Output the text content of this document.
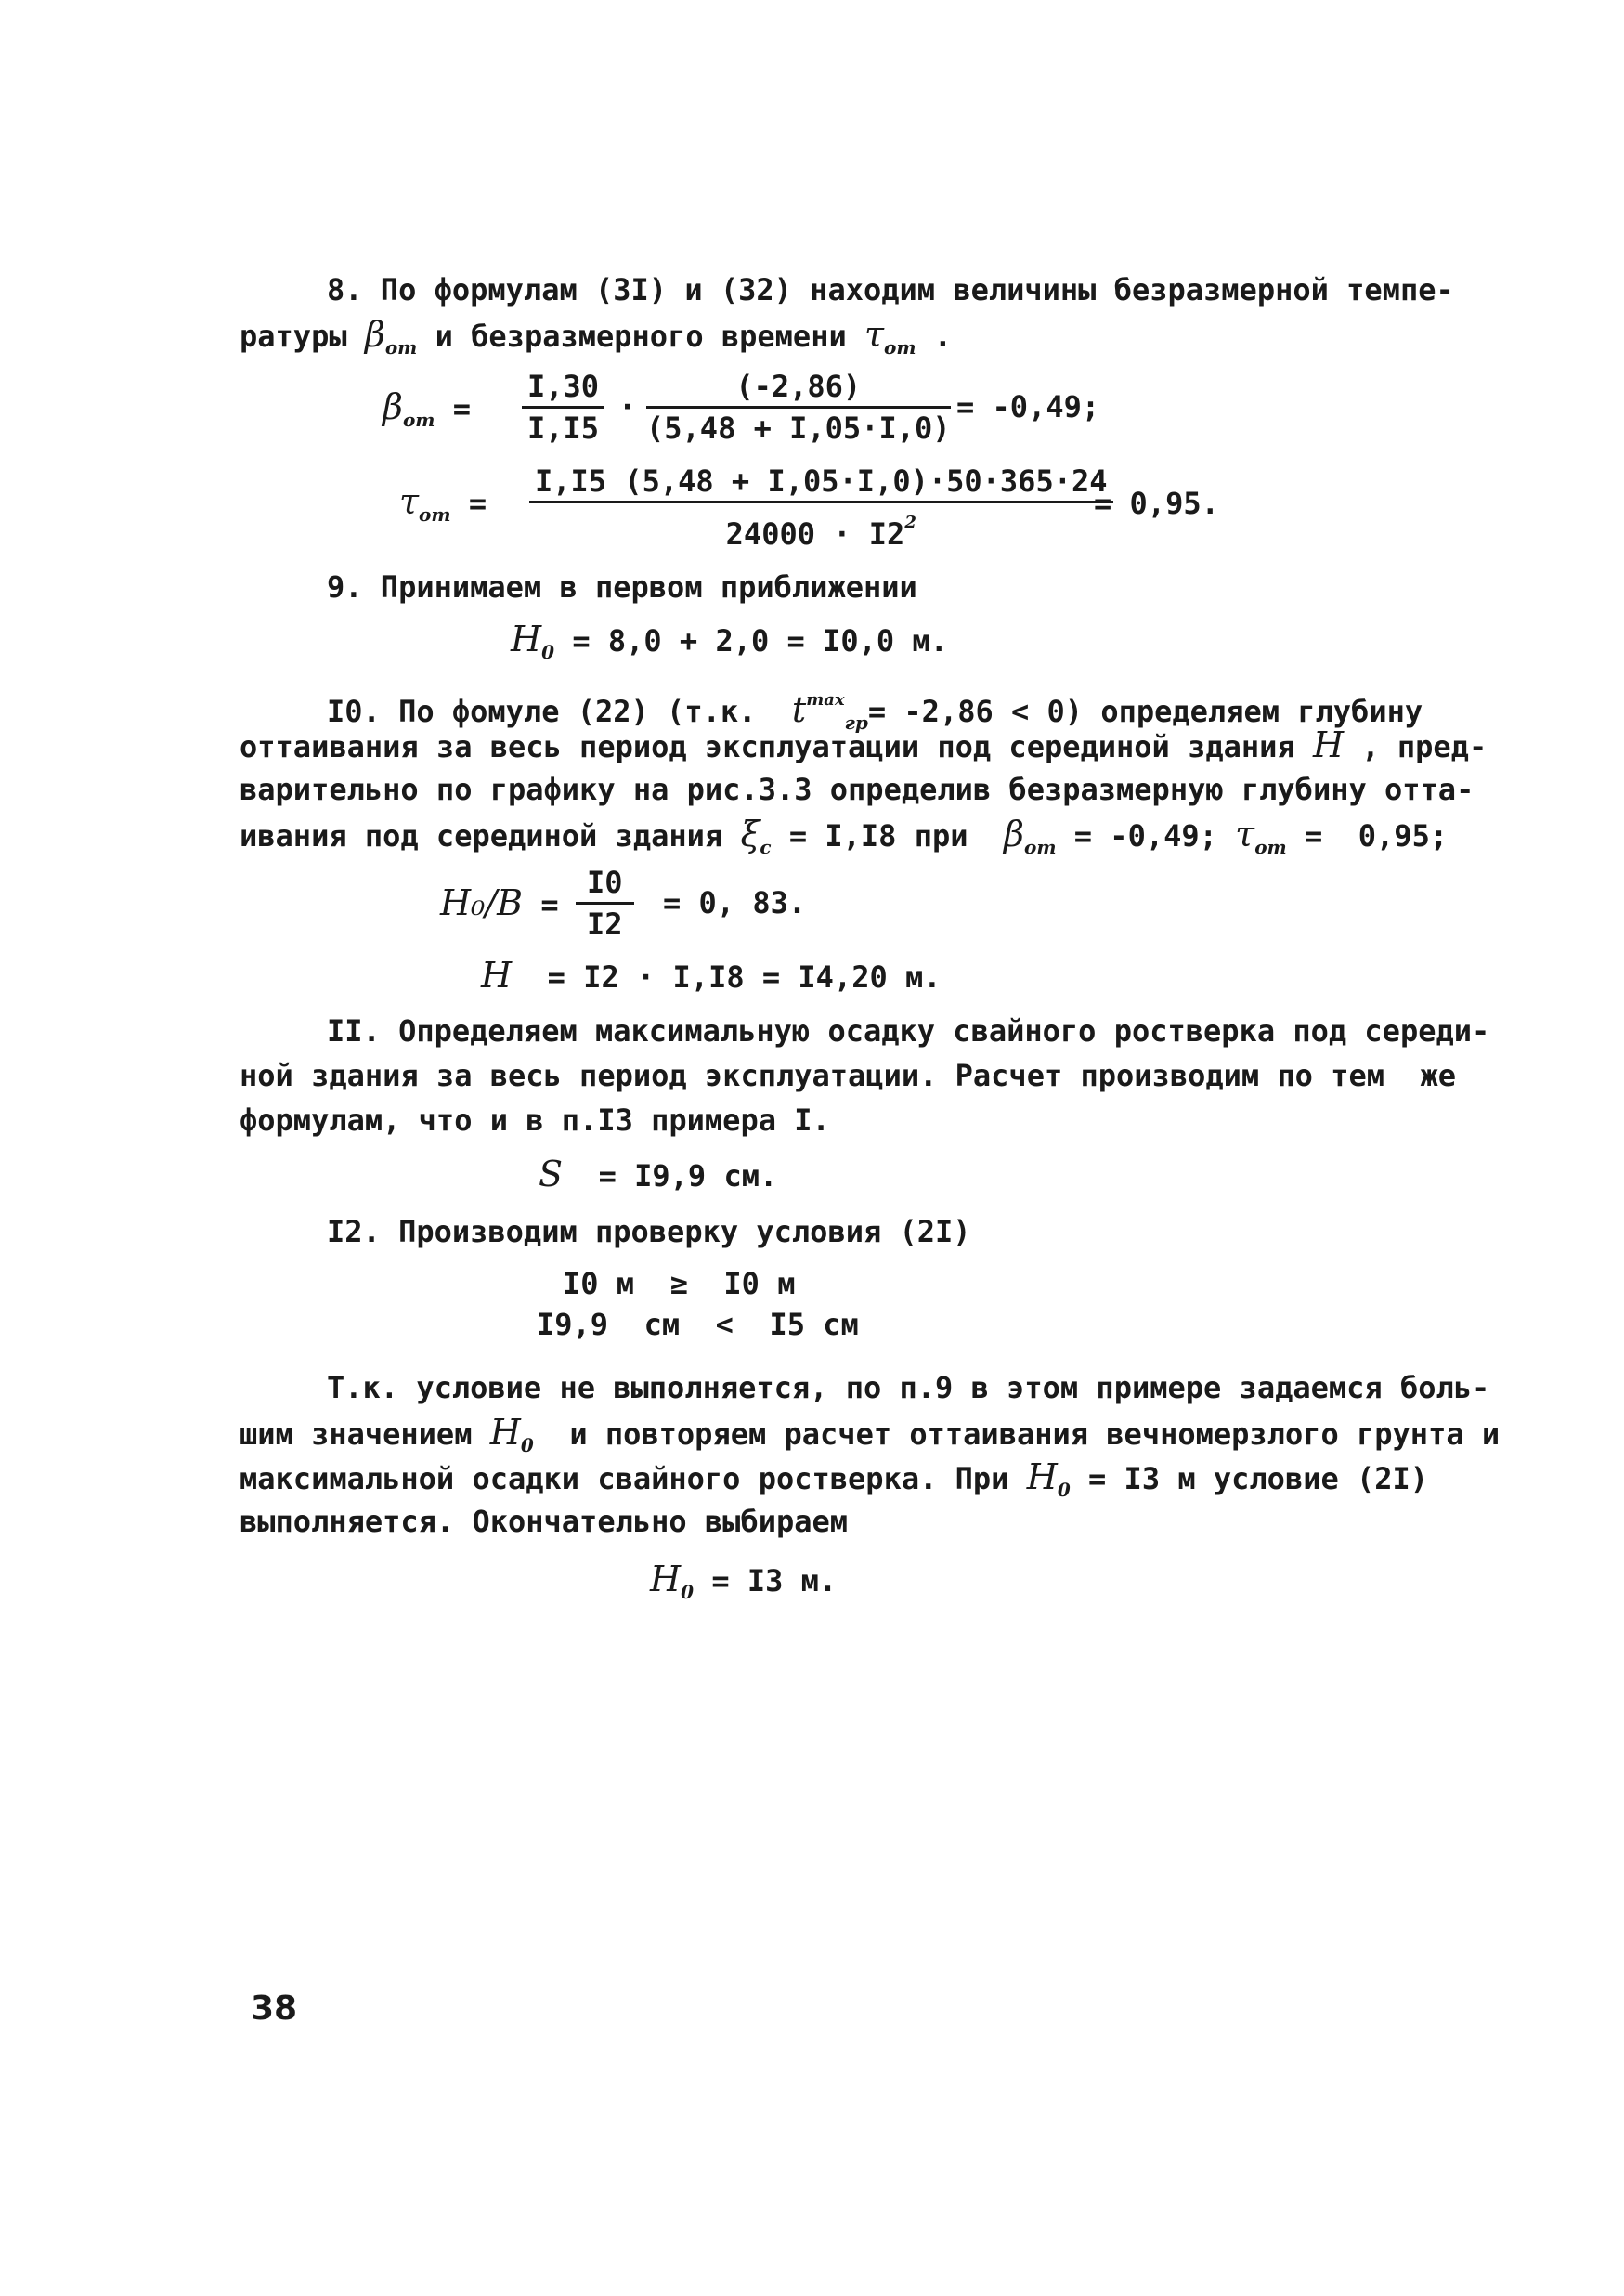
8. По формулам (3I) и (32) находим величины безразмерной темпе-
ратуры $\beta_{от}$ и безразмерного времени $\tau_{от}$ .
$\beta_{от} = \frac{I,30}{I,I5} \cdot \frac{(-2,86)}{(5,48 + I,05\cdot I,0)} = -0,49$;
$\tau_{от} = \frac{I,I5 (5,48 + I,05\cdot I,0)\cdot 50\cdot 365\cdot 24}{24000 \cdot I2^2}$
= 0,95.
9. Принимаем в первом приближении
$H_0 = 8,0 + 2,0 = I0,0$ м.
I0. По фомуле (22) (т.к. $t^{max}_{гр}= -2,86 < 0$) определяем глубину
оттаивания за весь период эксплуатации под серединой здания H , пред-
варительно по графику на рис.3.3 определив безразмерную глубину отта-
ивания под серединой здания $\xi_c = I,I8$ при $\beta_{от} = -0,49$; $\tau_{от} = 0,95$;
$H_0/B = \frac{I0}{I2} = 0$, 83.
H = I2 · I,I8 = I4,20 м.
II. Определяем максимальную осадку свайного ростверка под середи-
ной здания за весь период эксплуатации. Расчет производим по тем  же
формулам, что и в п.I3 примера I.
S = I9,9 см.
I2. Производим проверку условия (2I)
I0 м  ≥  I0 м
I9,9  см  <  I5 см
Т.к. условие не выполняется, по п.9 в этом примере задаемся боль-
шим значением $H_0$ и повторяем расчет оттаивания вечномерзлого грунта и
максимальной осадки свайного ростверка. При $H_0 = I3$ м условие (2I)
выполняется. Окончательно выбираем
$H_0 = I3$ м.
38
